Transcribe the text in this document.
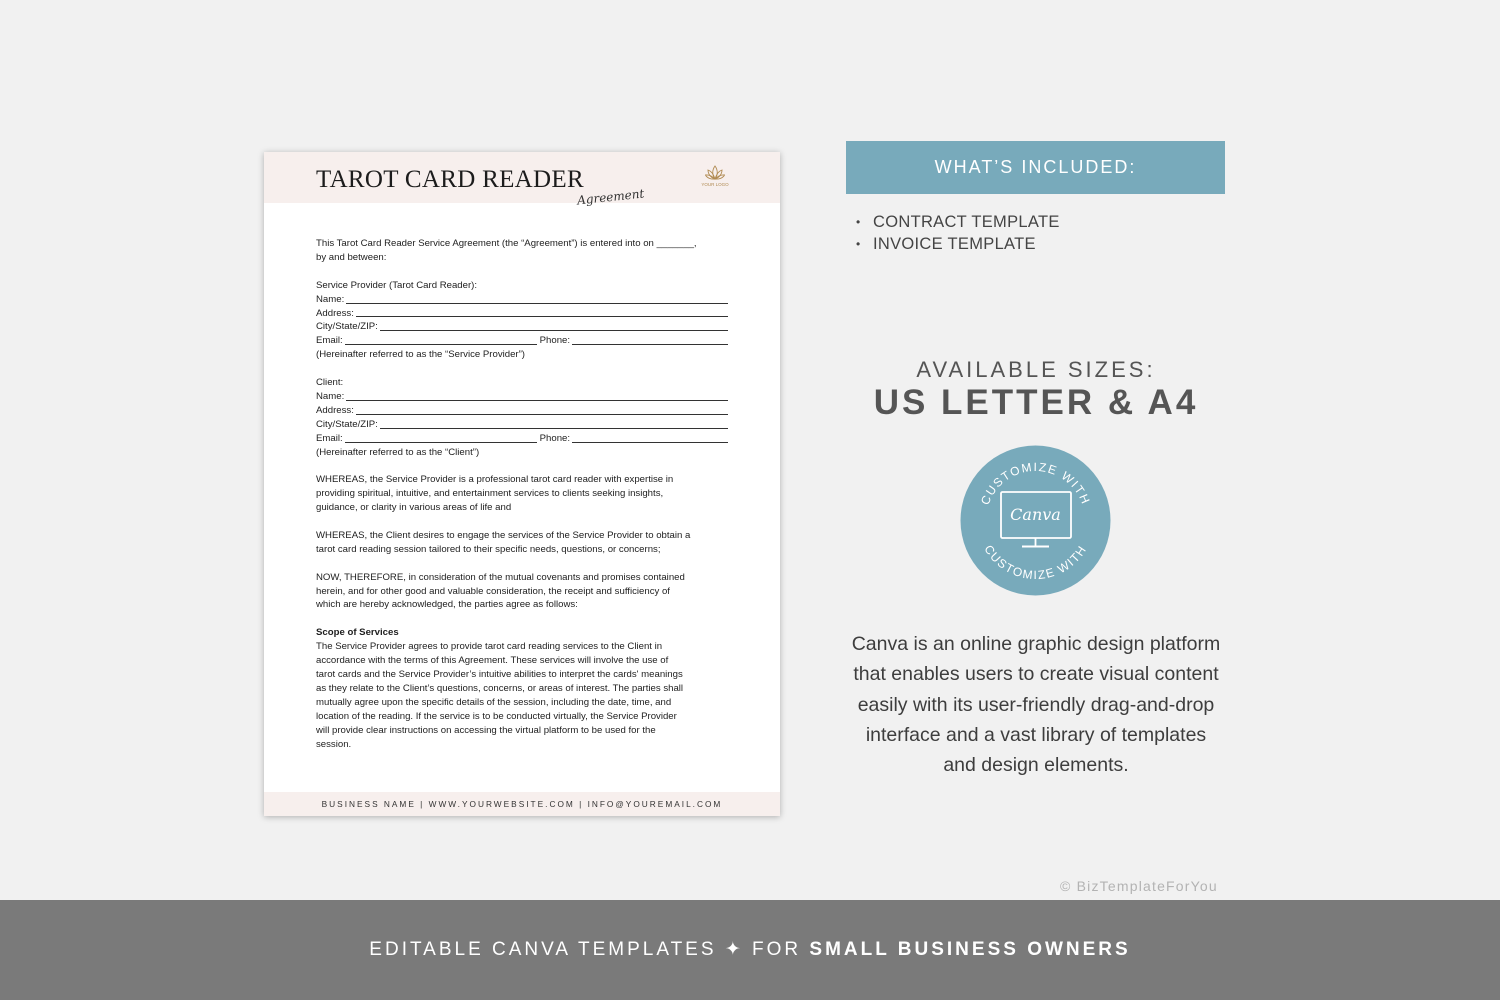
TAROT CARD READER
Agreement
YOUR LOGO

This Tarot Card Reader Service Agreement (the “Agreement”) is entered into on _______,

by and between:

Service Provider (Tarot Card Reader):

Name:
Address:
City/State/ZIP:
Email:	Phone:

(Hereinafter referred to as the “Service Provider”)

Client:

Name:
Address:
City/State/ZIP:
Email:	Phone:

(Hereinafter referred to as the “Client”)

WHEREAS, the Service Provider is a professional tarot card reader with expertise in

providing spiritual, intuitive, and entertainment services to clients seeking insights,

guidance, or clarity in various areas of life and

WHEREAS, the Client desires to engage the services of the Service Provider to obtain a

tarot card reading session tailored to their specific needs, questions, or concerns;

NOW, THEREFORE, in consideration of the mutual covenants and promises contained

herein, and for other good and valuable consideration, the receipt and sufficiency of

which are hereby acknowledged, the parties agree as follows:

Scope of Services

The Service Provider agrees to provide tarot card reading services to the Client in

accordance with the terms of this Agreement. These services will involve the use of

tarot cards and the Service Provider’s intuitive abilities to interpret the cards' meanings

as they relate to the Client’s questions, concerns, or areas of interest. The parties shall

mutually agree upon the specific details of the session, including the date, time, and

location of the reading. If the service is to be conducted virtually, the Service Provider

will provide clear instructions on accessing the virtual platform to be used for the

session.

BUSINESS NAME | WWW.YOURWEBSITE.COM | INFO@YOUREMAIL.COM
WHAT’S INCLUDED:
• CONTRACT TEMPLATE
• INVOICE TEMPLATE
AVAILABLE SIZES:
US LETTER & A4
CUSTOMIZE WITH
CUSTOMIZE WITH
Canva
Canva is an online graphic design platform
that enables users to create visual content
easily with its user-friendly drag-and-drop
interface and a vast library of templates
and design elements.
© BizTemplateForYou
EDITABLE CANVA TEMPLATES ✦ FOR SMALL BUSINESS OWNERS
